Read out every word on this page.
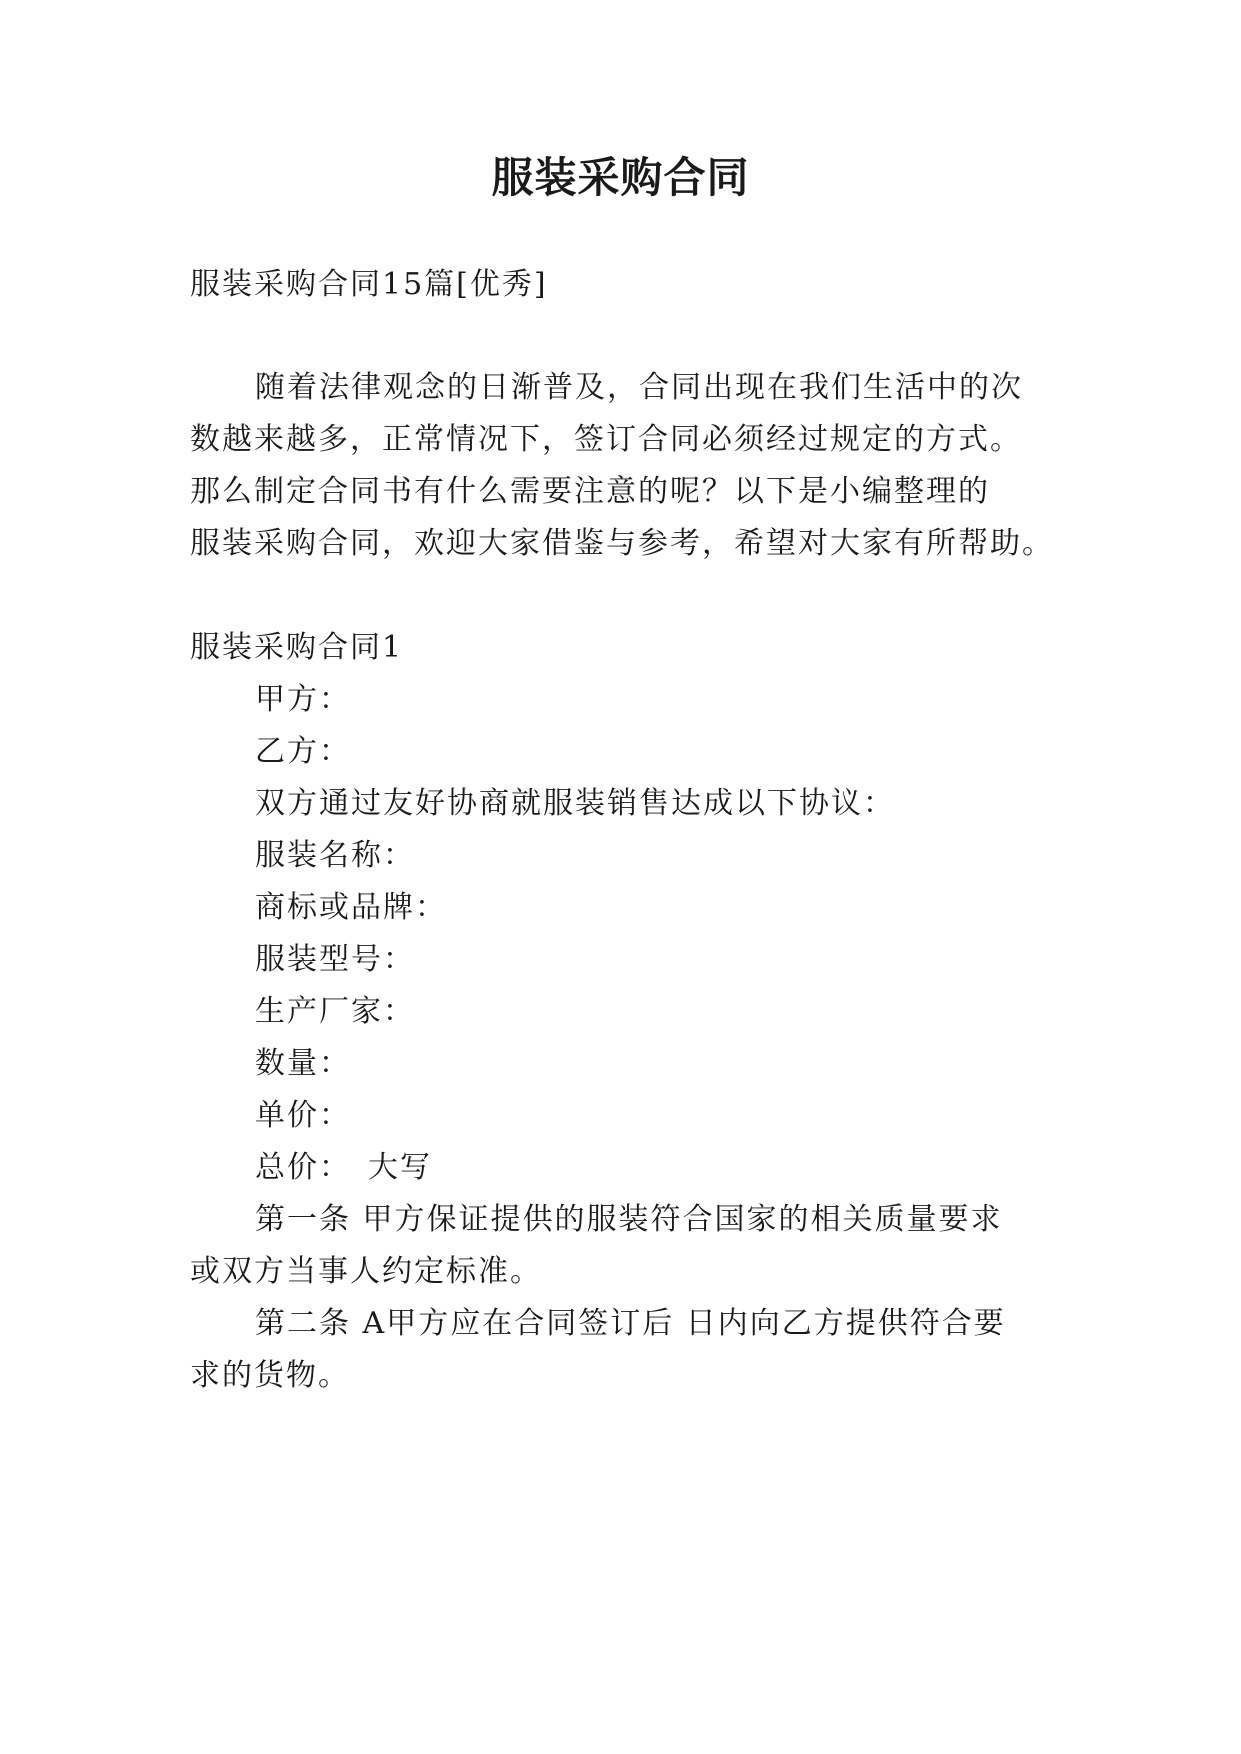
服装采购合同
服装采购合同15篇[优秀]
随着法律观念的日渐普及，合同出现在我们生活中的次
数越来越多，正常情况下，签订合同必须经过规定的方式。
那么制定合同书有什么需要注意的呢？以下是小编整理的
服装采购合同，欢迎大家借鉴与参考，希望对大家有所帮助。
服装采购合同1
甲方：
乙方：
双方通过友好协商就服装销售达成以下协议：
服装名称：
商标或品牌：
服装型号：
生产厂家：
数量：
单价：
总价：　大写
第一条 甲方保证提供的服装符合国家的相关质量要求
或双方当事人约定标准。
第二条 A甲方应在合同签订后 日内向乙方提供符合要
求的货物。
